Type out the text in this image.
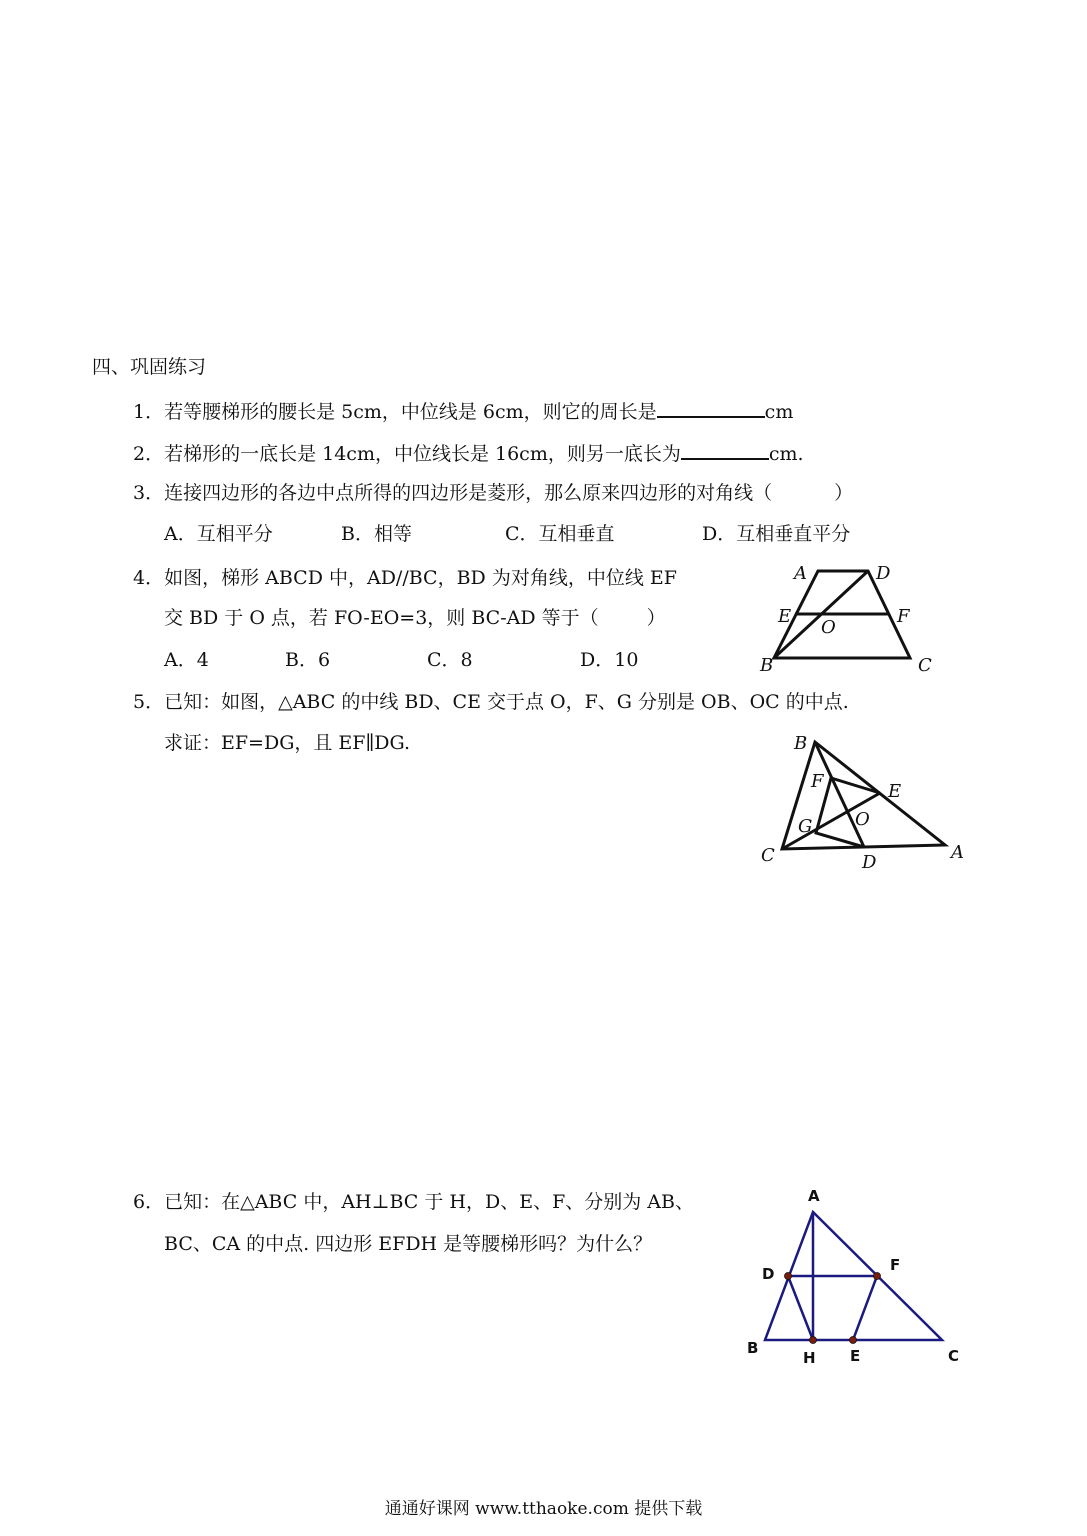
四、巩固练习
1．若等腰梯形的腰长是 5cm，中位线是 6cm，则它的周长是	cm
2．若梯形的一底长是 14cm，中位线长是 16cm，则另一底长为	cm.
3．连接四边形的各边中点所得的四边形是菱形，那么原来四边形的对角线（	）
A．互相平分	B．相等	C．互相垂直	D．互相垂直平分
4．如图，梯形 ABCD 中，AD//BC，BD 为对角线，中位线 EF
交 BD 于 O 点，若 FO-EO=3，则 BC-AD 等于（	）
A．4	B．6	C．8	D．10
A	D
E	F
O
B	C
5．已知：如图，△ABC 的中线 BD、CE 交于点 O，F、G 分别是 OB、OC 的中点.
求证：EF=DG，且 EF∥DG.	B
F	E
G O
C	D	A
6．已知：在△ABC 中，AH⊥BC 于 H，D、E、F、分别为 AB、
BC、CA 的中点. 四边形 EFDH 是等腰梯形吗？为什么？
A
D	F
B
H E	C
通通好课网 www.tthaoke.com 提供下载
